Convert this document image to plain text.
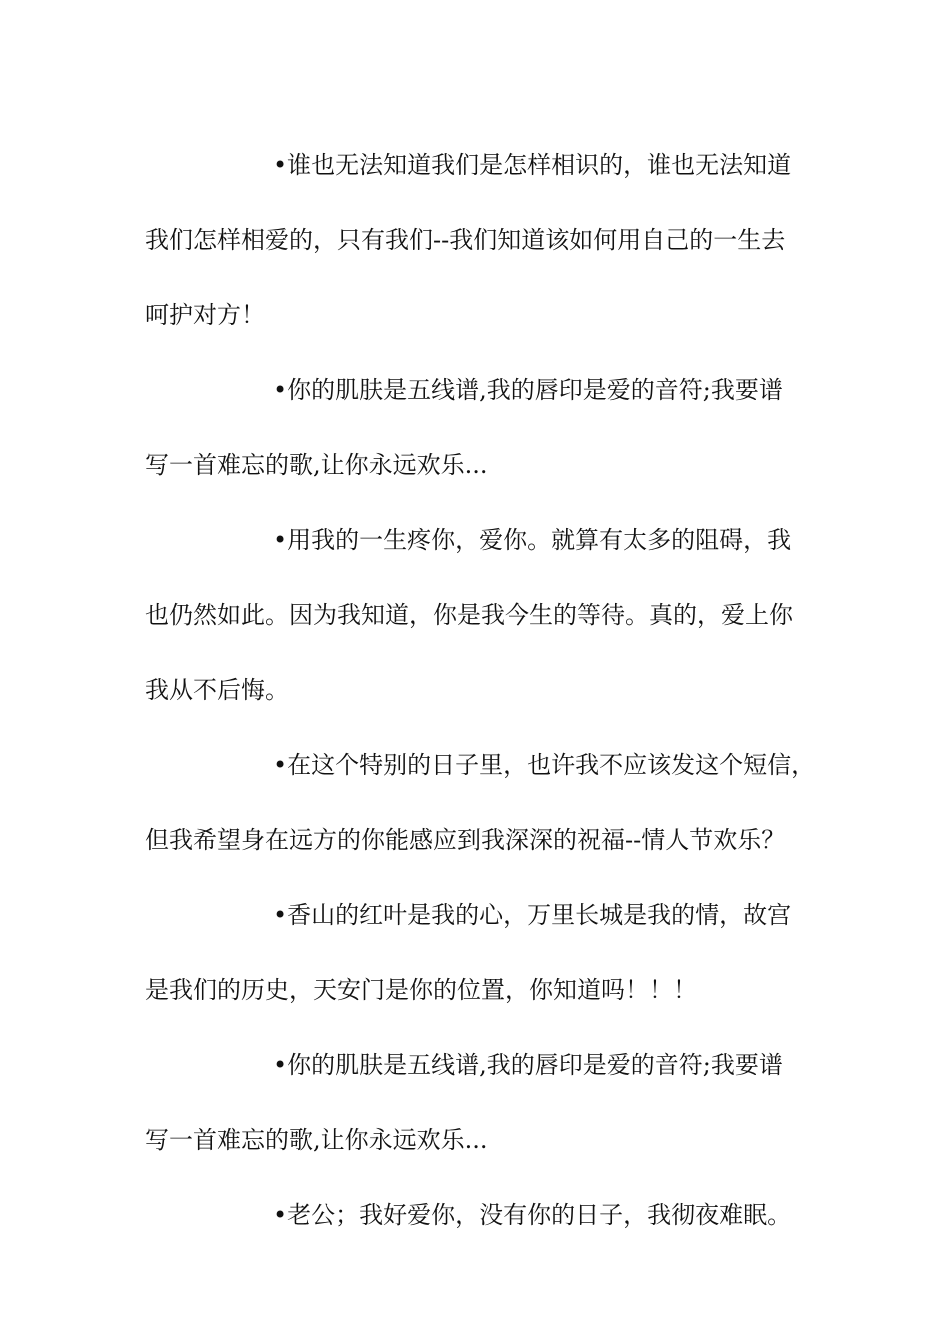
•谁也无法知道我们是怎样相识的，谁也无法知道
我们怎样相爱的，只有我们--我们知道该如何用自己的一生去
呵护对方！

•你的肌肤是五线谱,我的唇印是爱的音符;我要谱
写一首难忘的歌,让你永远欢乐...

•用我的一生疼你，爱你。就算有太多的阻碍，我
也仍然如此。因为我知道，你是我今生的等待。真的，爱上你
我从不后悔。

•在这个特别的日子里，也许我不应该发这个短信，
但我希望身在远方的你能感应到我深深的祝福--情人节欢乐？

•香山的红叶是我的心，万里长城是我的情，故宫
是我们的历史，天安门是你的位置，你知道吗！！！

•你的肌肤是五线谱,我的唇印是爱的音符;我要谱
写一首难忘的歌,让你永远欢乐...

•老公；我好爱你，没有你的日子，我彻夜难眠。
